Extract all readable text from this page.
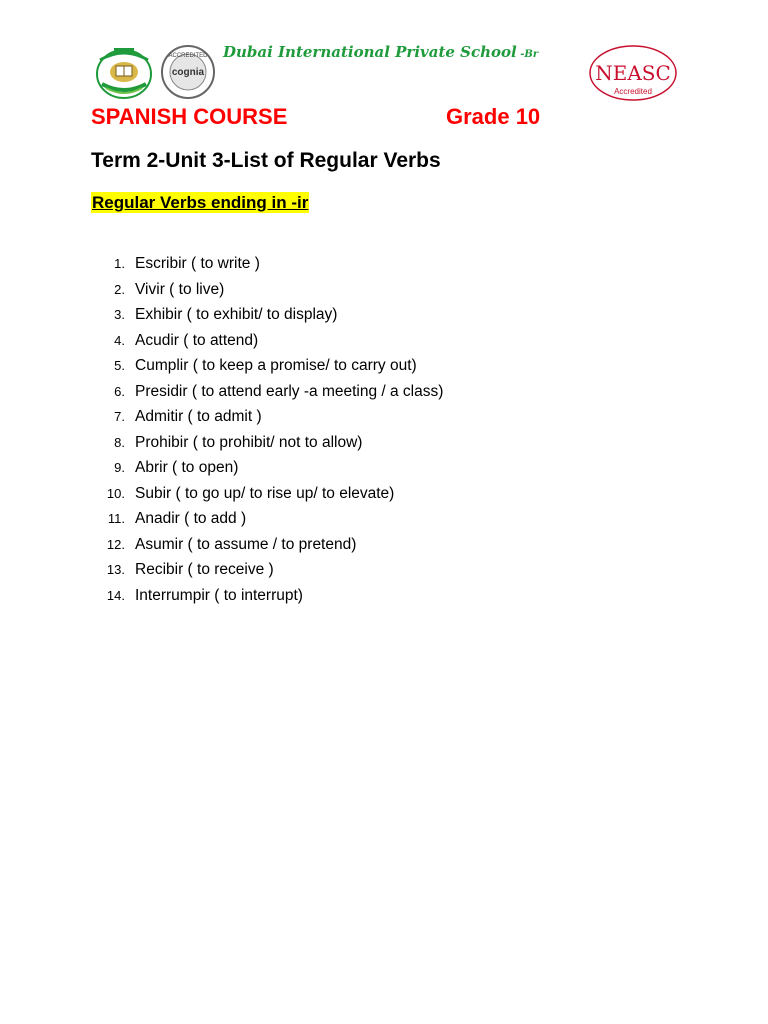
ACCREDITED
cognia
Dubai International Private School -Br
NEASC
Accredited
SPANISH COURSE	Grade 10
Term 2-Unit 3-List of Regular Verbs
Regular Verbs ending in -ir
1. Escribir ( to write )
2. Vivir ( to live)
3. Exhibir ( to exhibit/ to display)
4. Acudir ( to attend)
5. Cumplir ( to keep a promise/ to carry out)
6. Presidir ( to attend early -a meeting / a class)
7. Admitir ( to admit )
8. Prohibir ( to prohibit/ not to allow)
9. Abrir ( to open)
10. Subir ( to go up/ to rise up/ to elevate)
11. Anadir ( to add )
12. Asumir ( to assume / to pretend)
13. Recibir ( to receive )
14. Interrumpir ( to interrupt)
